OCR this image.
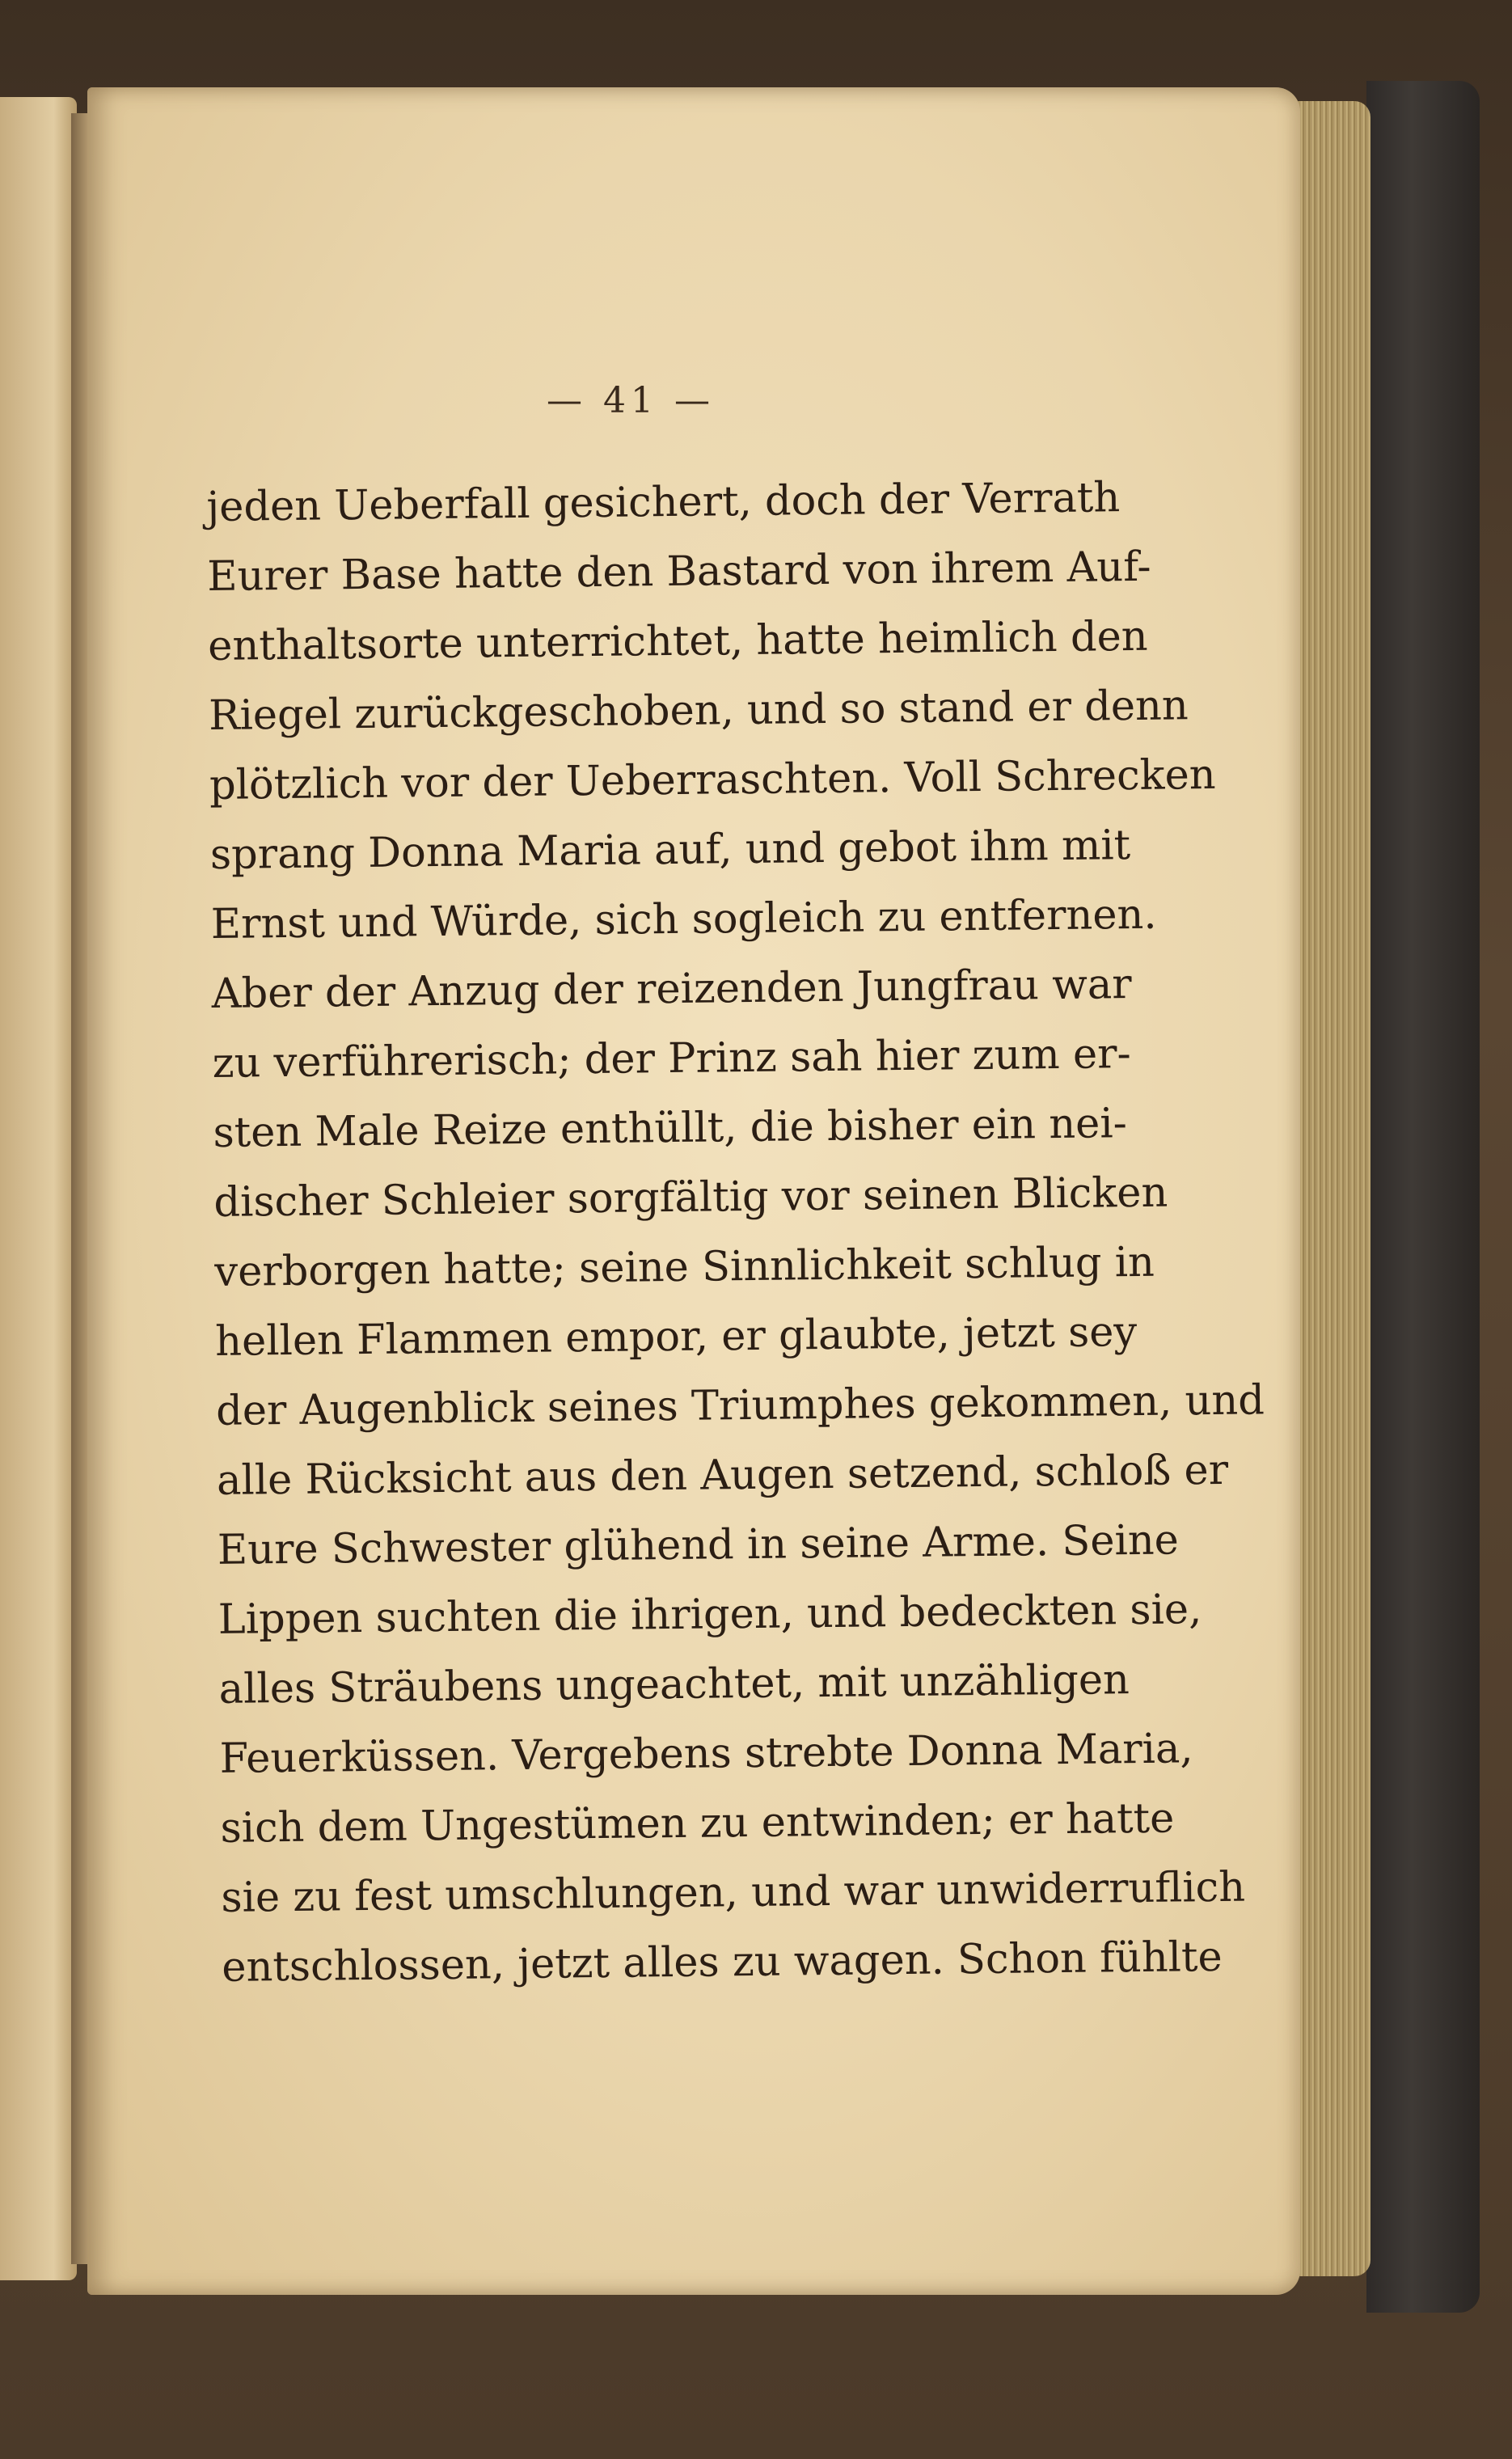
— 41 —
jeden Ueberfall gesichert, doch der Verrath
Eurer Base hatte den Bastard von ihrem Auf-
enthaltsorte unterrichtet, hatte heimlich den
Riegel zurückgeschoben, und so stand er denn
plötzlich vor der Ueberraschten. Voll Schrecken
sprang Donna Maria auf, und gebot ihm mit
Ernst und Würde, sich sogleich zu entfernen.
Aber der Anzug der reizenden Jungfrau war
zu verführerisch; der Prinz sah hier zum er-
sten Male Reize enthüllt, die bisher ein nei-
discher Schleier sorgfältig vor seinen Blicken
verborgen hatte; seine Sinnlichkeit schlug in
hellen Flammen empor, er glaubte, jetzt sey
der Augenblick seines Triumphes gekommen, und
alle Rücksicht aus den Augen setzend, schloß er
Eure Schwester glühend in seine Arme. Seine
Lippen suchten die ihrigen, und bedeckten sie,
alles Sträubens ungeachtet, mit unzähligen
Feuerküssen. Vergebens strebte Donna Maria,
sich dem Ungestümen zu entwinden; er hatte
sie zu fest umschlungen, und war unwiderruflich
entschlossen, jetzt alles zu wagen. Schon fühlte
